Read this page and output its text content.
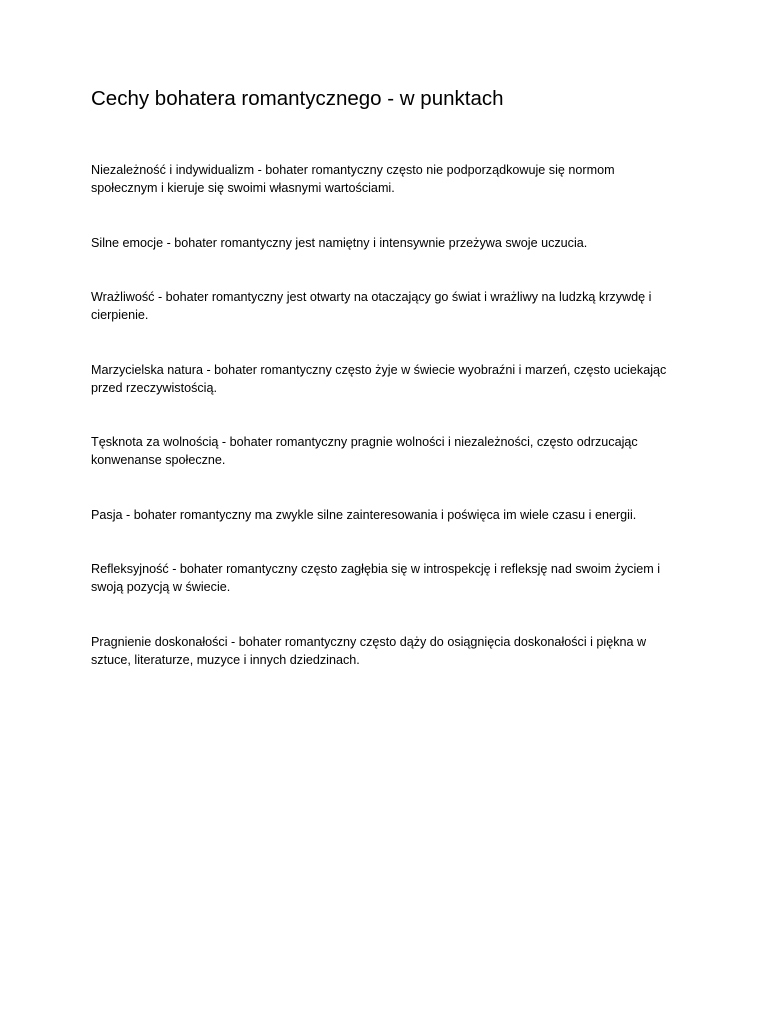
Cechy bohatera romantycznego - w punktach
Niezależność i indywidualizm - bohater romantyczny często nie podporządkowuje się normom społecznym i kieruje się swoimi własnymi wartościami.
Silne emocje - bohater romantyczny jest namiętny i intensywnie przeżywa swoje uczucia.
Wrażliwość - bohater romantyczny jest otwarty na otaczający go świat i wrażliwy na ludzką krzywdę i cierpienie.
Marzycielska natura - bohater romantyczny często żyje w świecie wyobraźni i marzeń, często uciekając przed rzeczywistością.
Tęsknota za wolnością - bohater romantyczny pragnie wolności i niezależności, często odrzucając konwenanse społeczne.
Pasja - bohater romantyczny ma zwykle silne zainteresowania i poświęca im wiele czasu i energii.
Refleksyjność - bohater romantyczny często zagłębia się w introspekcję i refleksję nad swoim życiem i swoją pozycją w świecie.
Pragnienie doskonałości - bohater romantyczny często dąży do osiągnięcia doskonałości i piękna w sztuce, literaturze, muzyce i innych dziedzinach.
